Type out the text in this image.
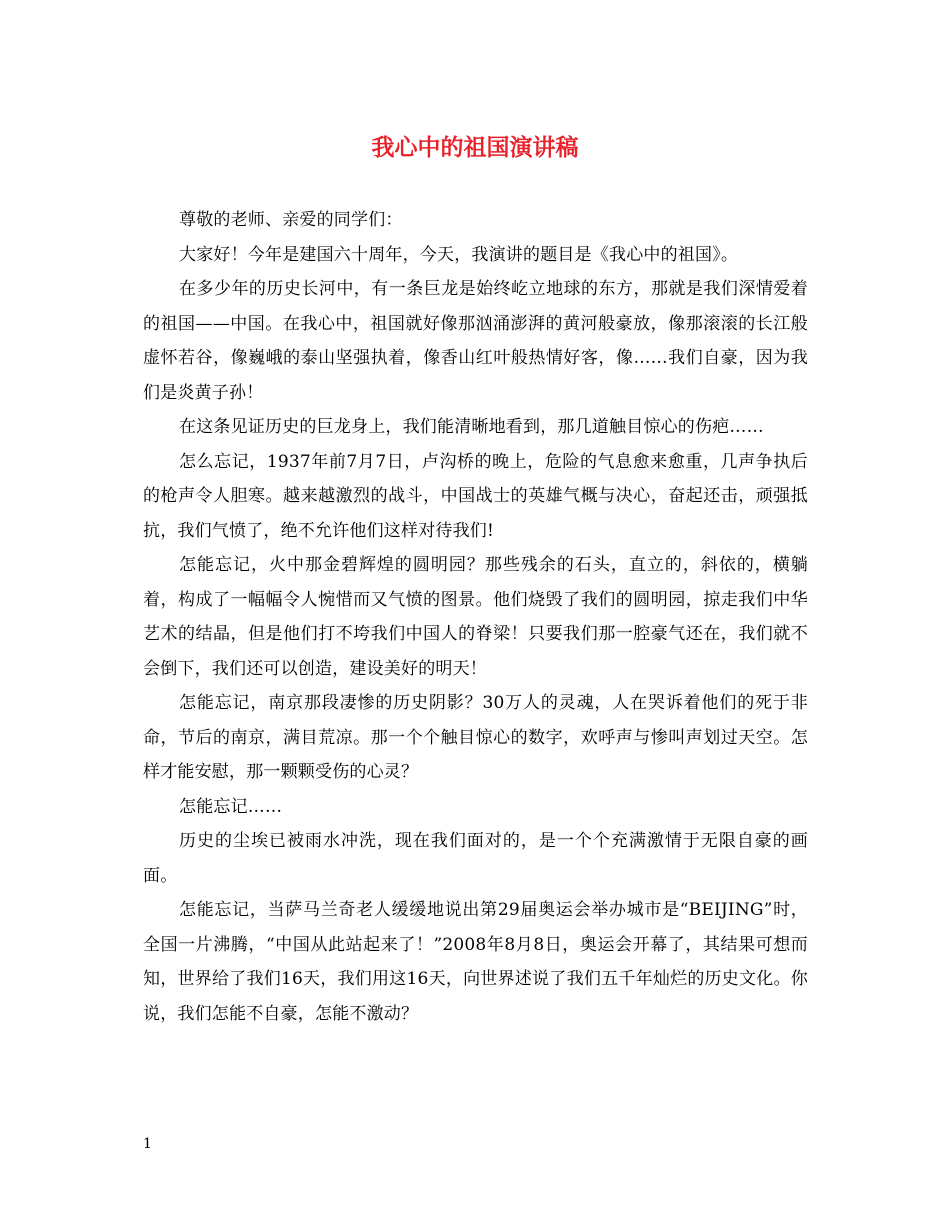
我心中的祖国演讲稿

尊敬的老师、亲爱的同学们：

大家好！今年是建国六十周年，今天，我演讲的题目是《我心中的祖国》。

在多少年的历史长河中，有一条巨龙是始终屹立地球的东方，那就是我们深情爱着的祖国——中国。在我心中，祖国就好像那汹涌澎湃的黄河般豪放，像那滚滚的长江般虚怀若谷，像巍峨的泰山坚强执着，像香山红叶般热情好客，像……我们自豪，因为我们是炎黄子孙！

在这条见证历史的巨龙身上，我们能清晰地看到，那几道触目惊心的伤疤……

怎么忘记，1937年前7月7日，卢沟桥的晚上，危险的气息愈来愈重，几声争执后的枪声令人胆寒。越来越激烈的战斗，中国战士的英雄气概与决心，奋起还击，顽强抵抗，我们气愤了，绝不允许他们这样对待我们!

怎能忘记，火中那金碧辉煌的圆明园？那些残余的石头，直立的，斜依的，横躺着，构成了一幅幅令人惋惜而又气愤的图景。他们烧毁了我们的圆明园，掠走我们中华艺术的结晶，但是他们打不垮我们中国人的脊梁！只要我们那一腔豪气还在，我们就不会倒下，我们还可以创造，建设美好的明天！

怎能忘记，南京那段凄惨的历史阴影？30万人的灵魂，人在哭诉着他们的死于非命，节后的南京，满目荒凉。那一个个触目惊心的数字，欢呼声与惨叫声划过天空。怎样才能安慰，那一颗颗受伤的心灵？

怎能忘记……

历史的尘埃已被雨水冲洗，现在我们面对的，是一个个充满激情于无限自豪的画面。

怎能忘记，当萨马兰奇老人缓缓地说出第29届奥运会举办城市是“BEIJING”时，全国一片沸腾，“中国从此站起来了！”2008年8月8日，奥运会开幕了，其结果可想而知，世界给了我们16天，我们用这16天，向世界述说了我们五千年灿烂的历史文化。你说，我们怎能不自豪，怎能不激动？

1
